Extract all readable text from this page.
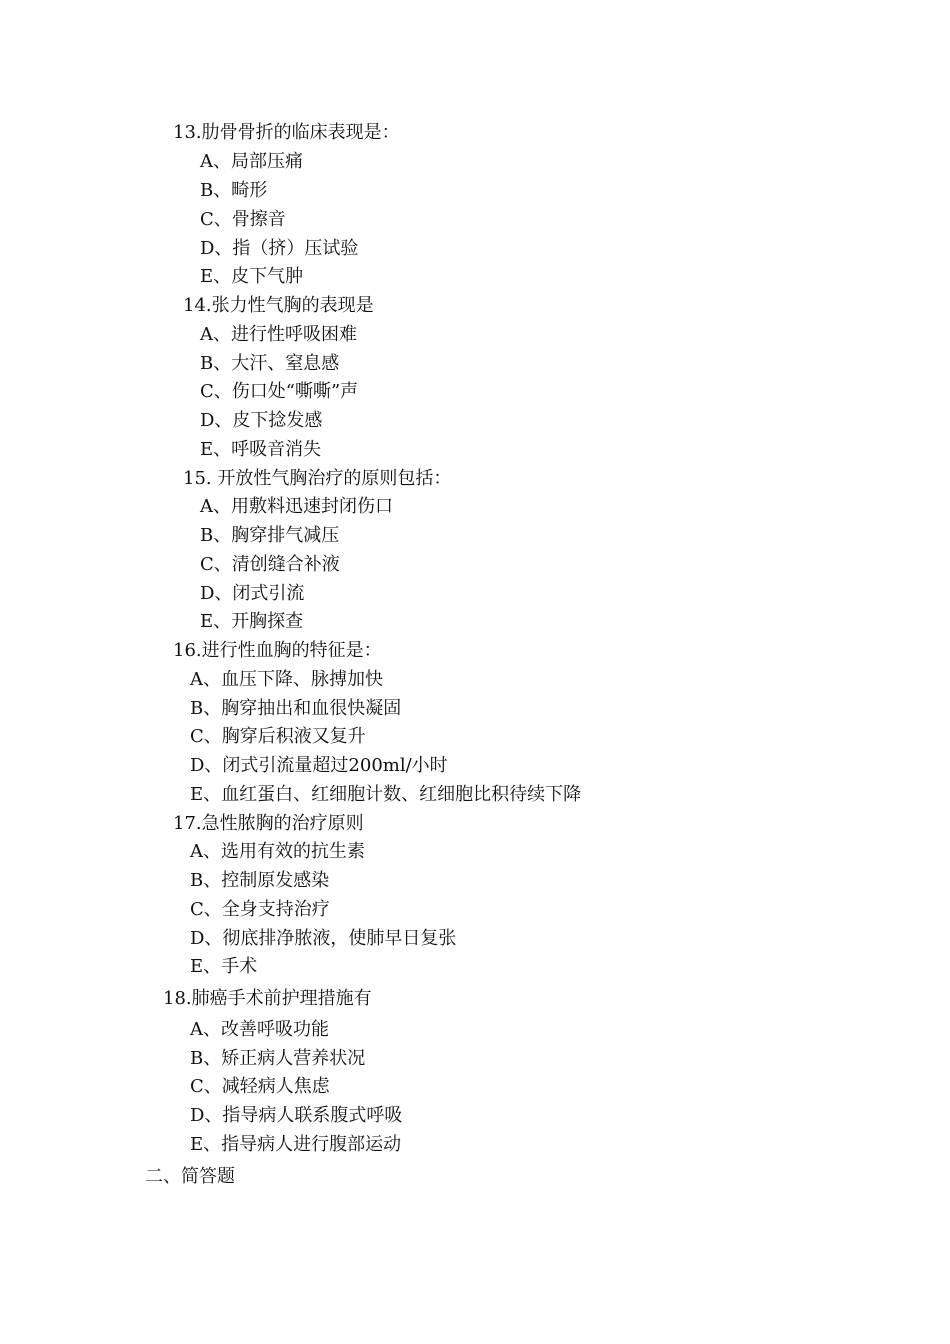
13.肋骨骨折的临床表现是：
A、局部压痛
B、畸形
C、骨擦音
D、指（挤）压试验
E、皮下气肿
14.张力性气胸的表现是
A、进行性呼吸困难
B、大汗、窒息感
C、伤口处“嘶嘶”声
D、皮下捻发感
E、呼吸音消失
15. 开放性气胸治疗的原则包括：
A、用敷料迅速封闭伤口
B、胸穿排气减压
C、清创缝合补液
D、闭式引流
E、开胸探查
16.进行性血胸的特征是：
A、血压下降、脉搏加快
B、胸穿抽出和血很快凝固
C、胸穿后积液又复升
D、闭式引流量超过200ml/小时
E、血红蛋白、红细胞计数、红细胞比积待续下降
17.急性脓胸的治疗原则
A、选用有效的抗生素
B、控制原发感染
C、全身支持治疗
D、彻底排净脓液，使肺早日复张
E、手术
18.肺癌手术前护理措施有
A、改善呼吸功能
B、矫正病人营养状况
C、减轻病人焦虑
D、指导病人联系腹式呼吸
E、指导病人进行腹部运动
二、简答题
